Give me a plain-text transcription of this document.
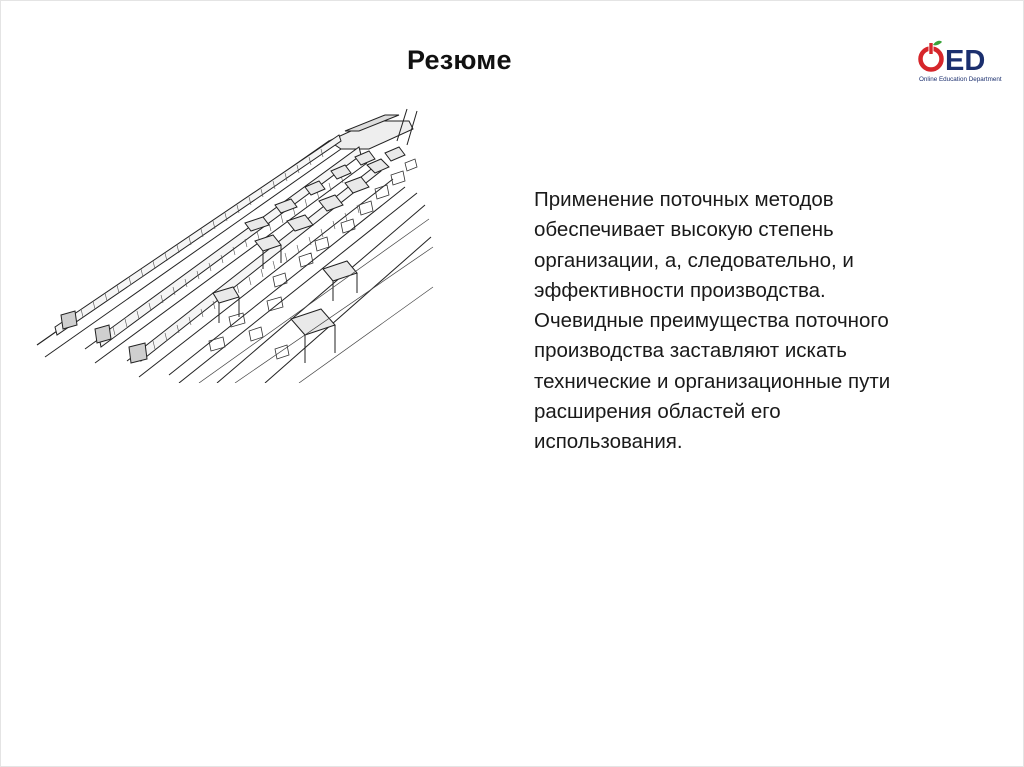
Резюме	ED
Online Education Department
Применение поточных методов
обеспечивает высокую степень
организации, а, следовательно, и
эффективности производства.
Очевидные преимущества поточного
производства заставляют искать
технические и организационные пути
расширения областей его
использования.
